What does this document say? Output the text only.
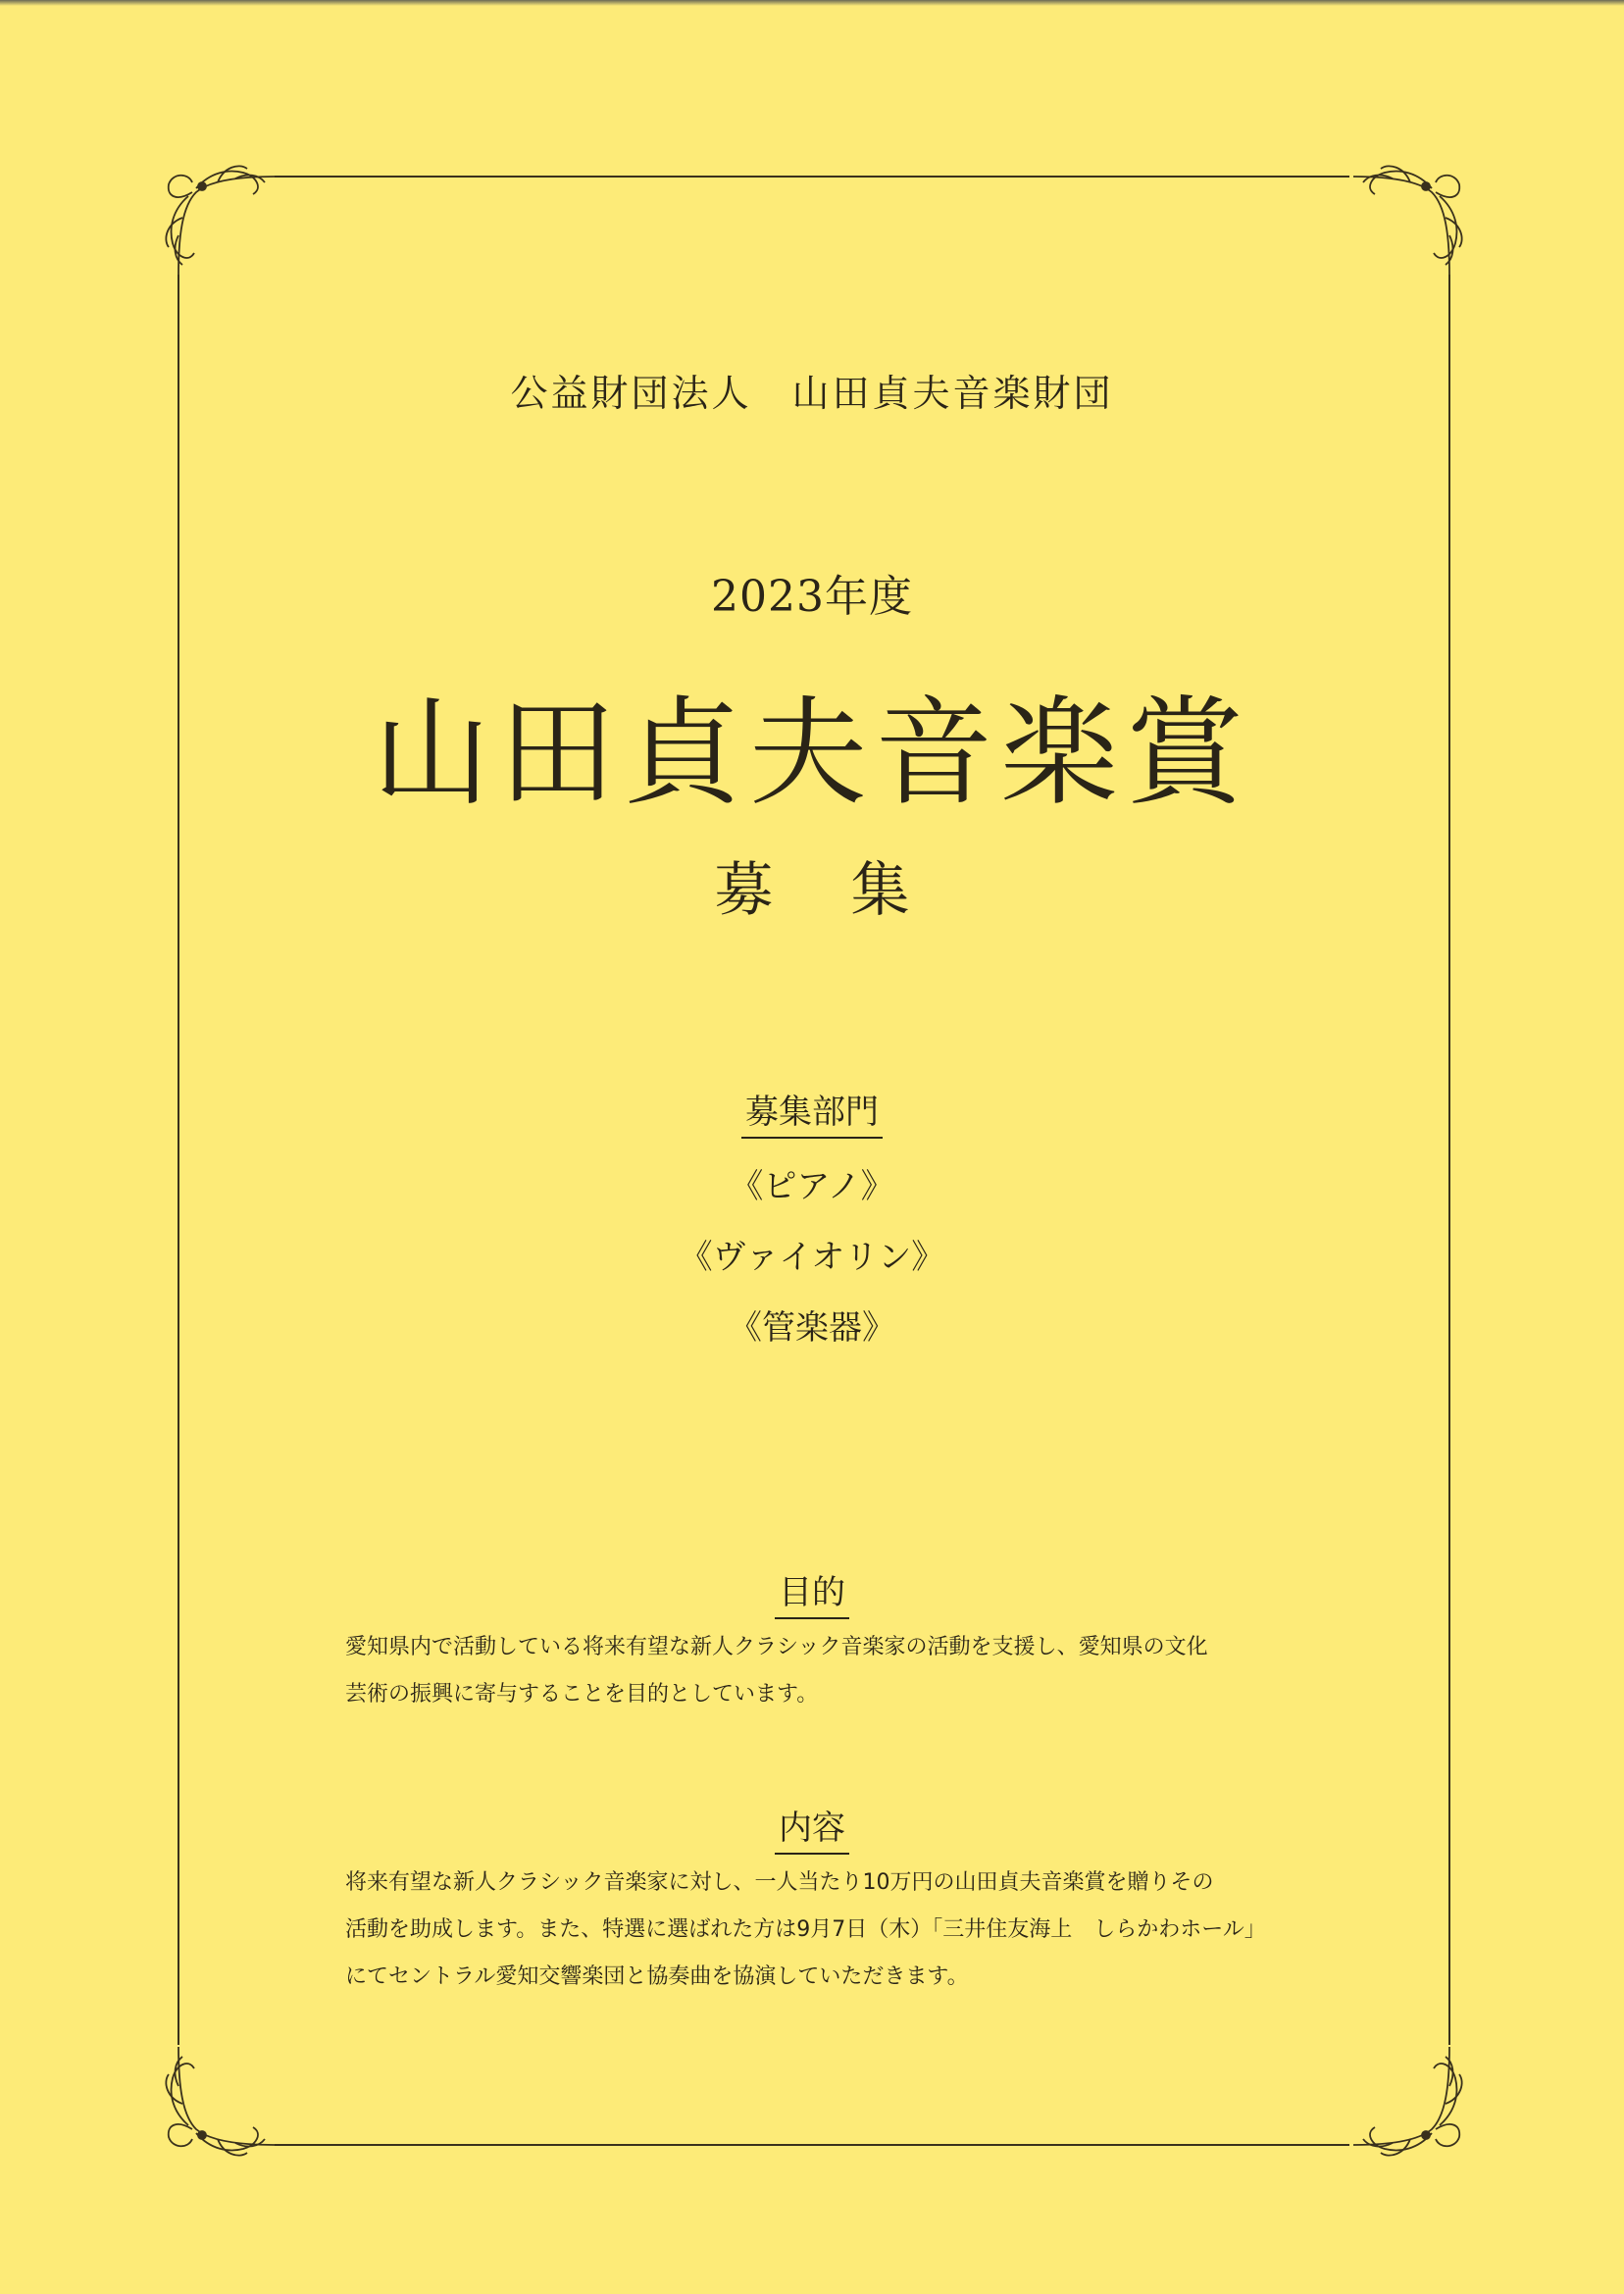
公益財団法人　山田貞夫音楽財団
2023年度
山田貞夫音楽賞
募 集
募集部門
《ピアノ》
《ヴァイオリン》
《管楽器》
目的
愛知県内で活動している将来有望な新人クラシック音楽家の活動を支援し、愛知県の文化
芸術の振興に寄与することを目的としています。
内容
将来有望な新人クラシック音楽家に対し、一人当たり10万円の山田貞夫音楽賞を贈りその
活動を助成します。また、特選に選ばれた方は9月7日（木）「三井住友海上　しらかわホール」
にてセントラル愛知交響楽団と協奏曲を協演していただきます。
